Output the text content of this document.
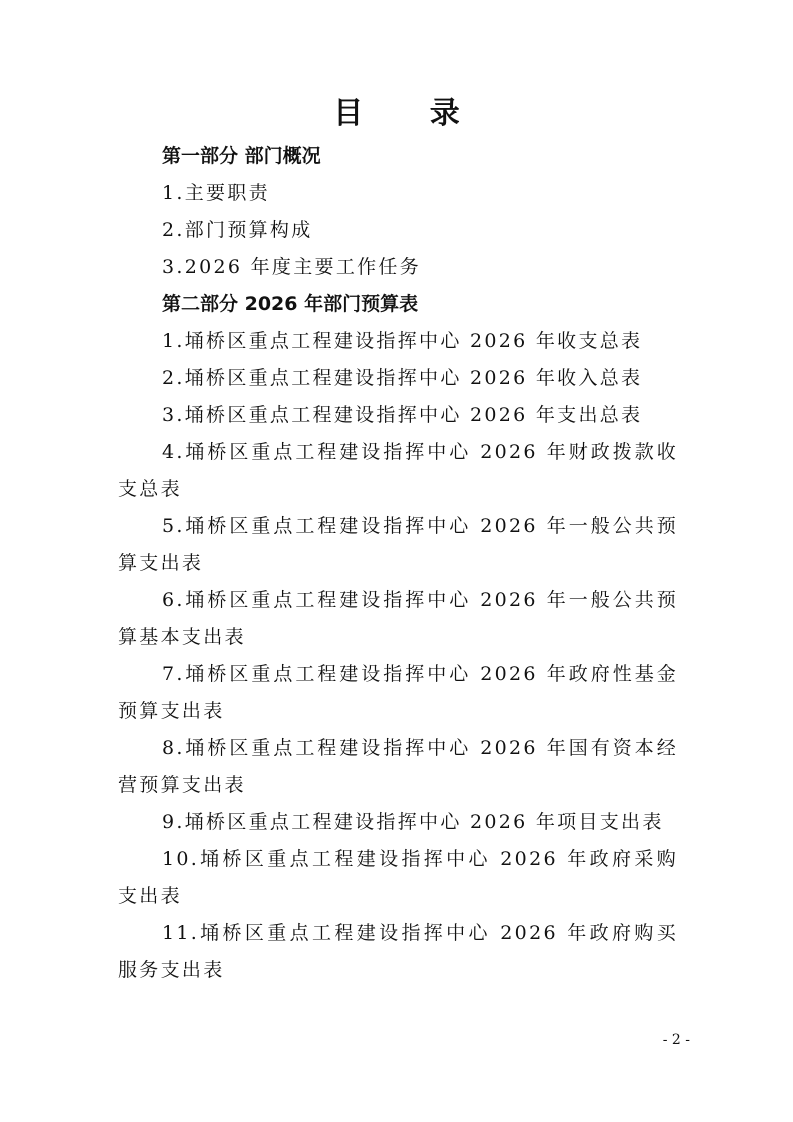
目 录
第一部分 部门概况
1.主要职责
2.部门预算构成
3.2026 年度主要工作任务
第二部分 2026 年部门预算表
1.埇桥区重点工程建设指挥中心 2026 年收支总表
2.埇桥区重点工程建设指挥中心 2026 年收入总表
3.埇桥区重点工程建设指挥中心 2026 年支出总表
4.埇桥区重点工程建设指挥中心 2026 年财政拨款收支总表
5.埇桥区重点工程建设指挥中心 2026 年一般公共预算支出表
6.埇桥区重点工程建设指挥中心 2026 年一般公共预算基本支出表
7.埇桥区重点工程建设指挥中心 2026 年政府性基金预算支出表
8.埇桥区重点工程建设指挥中心 2026 年国有资本经营预算支出表
9.埇桥区重点工程建设指挥中心 2026 年项目支出表
10.埇桥区重点工程建设指挥中心 2026 年政府采购支出表
11.埇桥区重点工程建设指挥中心 2026 年政府购买服务支出表
- 2 -
